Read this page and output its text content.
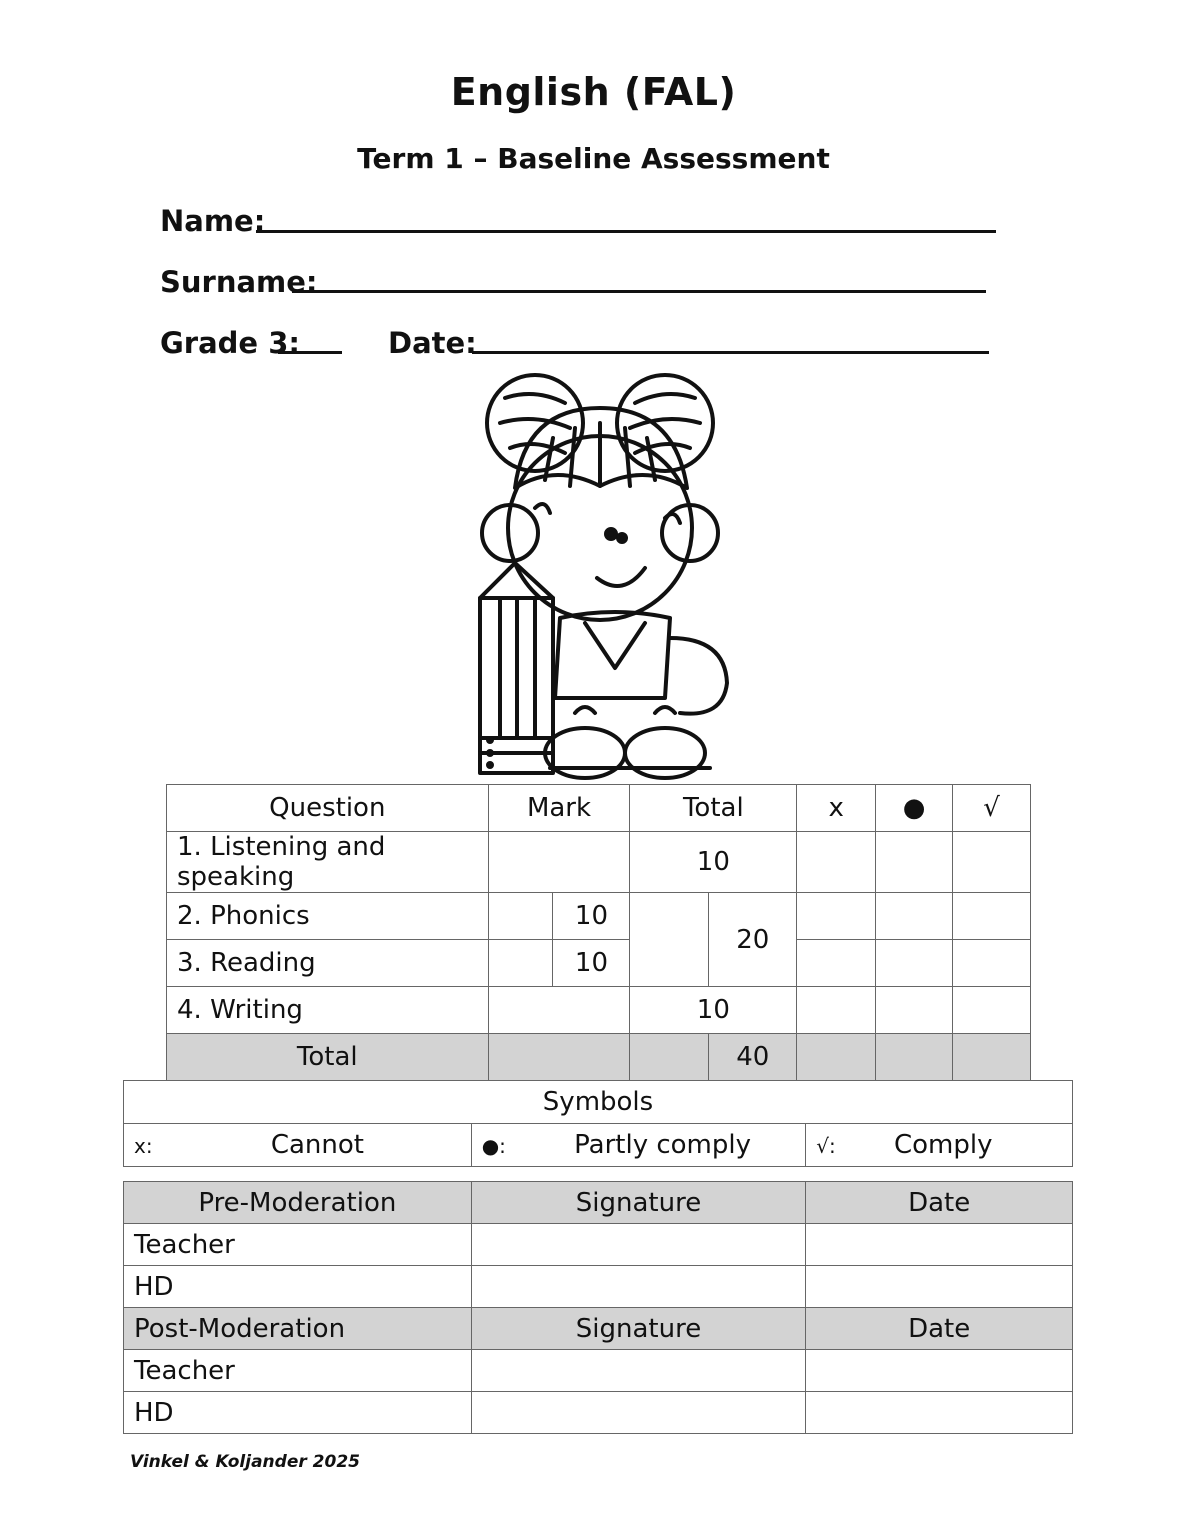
English (FAL)
Term 1 – Baseline Assessment
Name:
Surname:
Grade 3:	Date:
Question	Mark		Total		x	●	√
1. Listening and speaking			10				
2. Phonics		10		20			
3. Reading		10					
4. Writing			10				
Total				40			
Symbols
x:	Cannot	●:	Partly comply	√: Comply
Pre-Moderation	Signature	Date
Teacher		
HD		
Post-Moderation	Signature	Date
Teacher		
HD		
Vinkel & Koljander 2025
